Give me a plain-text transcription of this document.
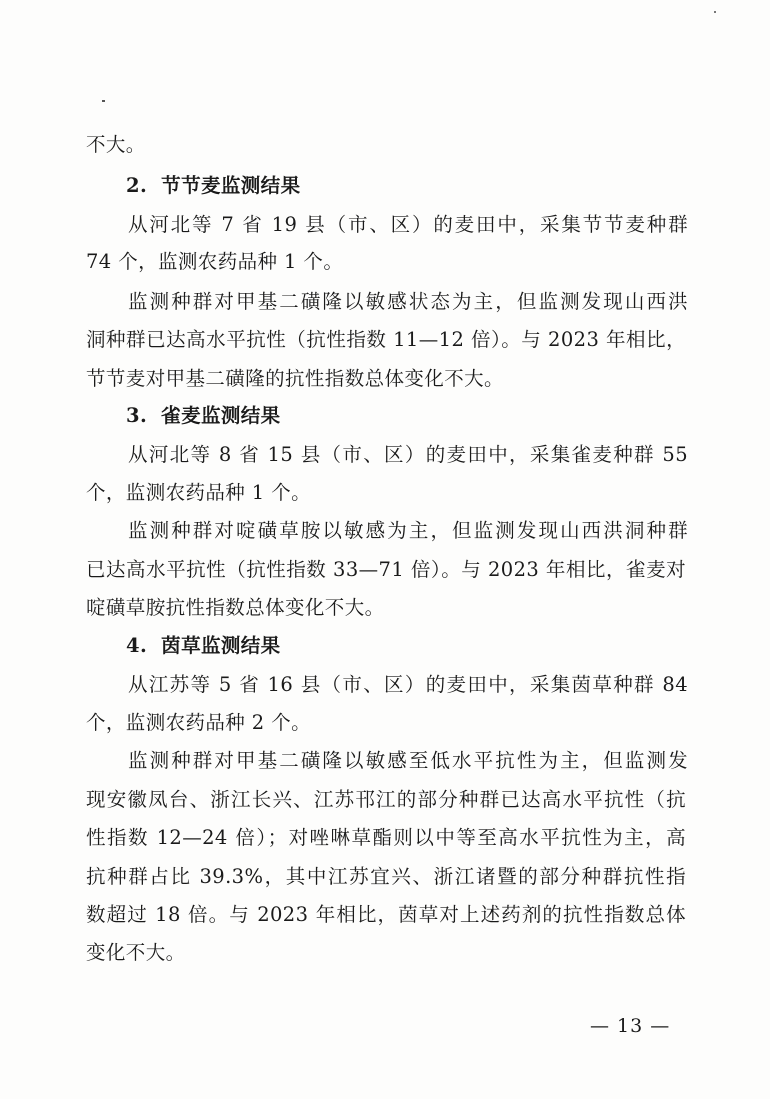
不大。
2. 节节麦监测结果
从河北等 7 省 19 县（市、区）的麦田中，采集节节麦种群
74 个，监测农药品种 1 个。
监测种群对甲基二磺隆以敏感状态为主，但监测发现山西洪
洞种群已达高水平抗性（抗性指数 11—12 倍）。与 2023 年相比，
节节麦对甲基二磺隆的抗性指数总体变化不大。
3. 雀麦监测结果
从河北等 8 省 15 县（市、区）的麦田中，采集雀麦种群 55
个，监测农药品种 1 个。
监测种群对啶磺草胺以敏感为主，但监测发现山西洪洞种群
已达高水平抗性（抗性指数 33—71 倍）。与 2023 年相比，雀麦对
啶磺草胺抗性指数总体变化不大。
4. 茵草监测结果
从江苏等 5 省 16 县（市、区）的麦田中，采集茵草种群 84
个，监测农药品种 2 个。
监测种群对甲基二磺隆以敏感至低水平抗性为主，但监测发
现安徽凤台、浙江长兴、江苏邗江的部分种群已达高水平抗性（抗
性指数 12—24 倍）；对唑啉草酯则以中等至高水平抗性为主，高
抗种群占比 39.3%，其中江苏宜兴、浙江诸暨的部分种群抗性指
数超过 18 倍。与 2023 年相比，茵草对上述药剂的抗性指数总体
变化不大。
— 13 —
